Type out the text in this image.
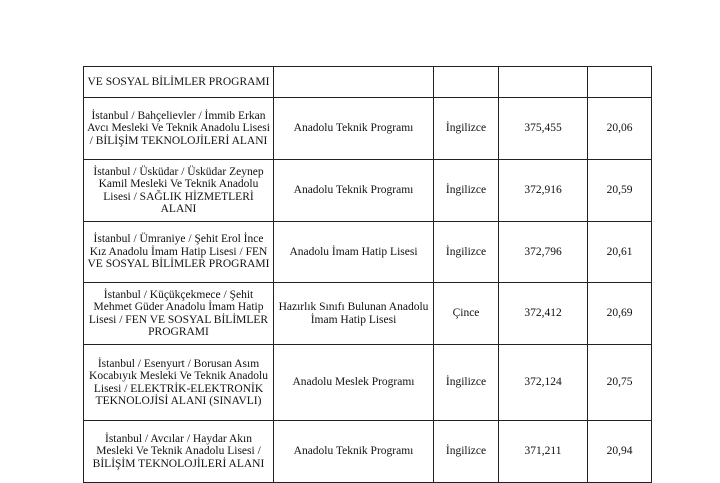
VE SOSYAL BİLİMLER PROGRAMI				
İstanbul / Bahçelievler / İmmib Erkan Avcı Mesleki Ve Teknik Anadolu Lisesi / BİLİŞİM TEKNOLOJİLERİ ALANI	Anadolu Teknik Programı	İngilizce	375,455	20,06
İstanbul / Üsküdar / Üsküdar Zeynep Kamil Mesleki Ve Teknik Anadolu Lisesi / SAĞLIK HİZMETLERİ ALANI	Anadolu Teknik Programı	İngilizce	372,916	20,59
İstanbul / Ümraniye / Şehit Erol İnce Kız Anadolu İmam Hatip Lisesi / FEN VE SOSYAL BİLİMLER PROGRAMI	Anadolu İmam Hatip Lisesi	İngilizce	372,796	20,61
İstanbul / Küçükçekmece / Şehit Mehmet Güder Anadolu İmam Hatip Lisesi / FEN VE SOSYAL BİLİMLER PROGRAMI	Hazırlık Sınıfı Bulunan Anadolu İmam Hatip Lisesi	Çince	372,412	20,69
İstanbul / Esenyurt / Borusan Asım Kocabıyık Mesleki Ve Teknik Anadolu Lisesi / ELEKTRİK-ELEKTRONİK TEKNOLOJİSİ ALANI (SINAVLI)	Anadolu Meslek Programı	İngilizce	372,124	20,75
İstanbul / Avcılar / Haydar Akın Mesleki Ve Teknik Anadolu Lisesi / BİLİŞİM TEKNOLOJİLERİ ALANI	Anadolu Teknik Programı	İngilizce	371,211	20,94
